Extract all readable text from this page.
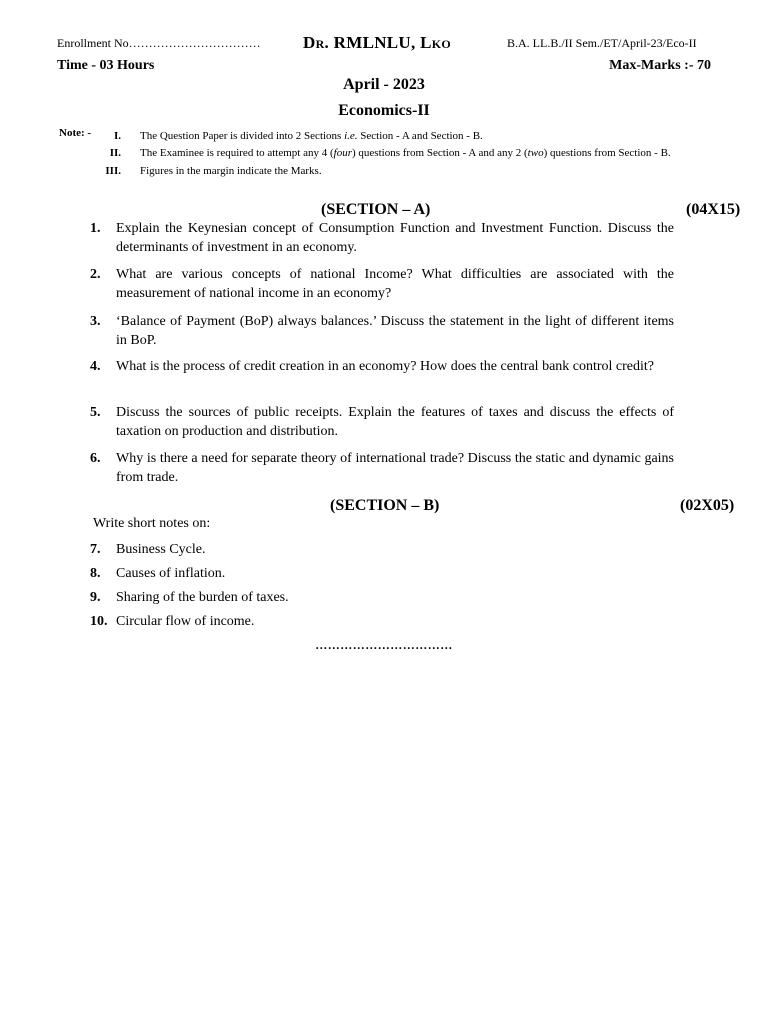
Enrollment No…………………………… Dr. RMLNLU, Lko	B.A. LL.B./II Sem./ET/April-23/Eco-II
Time - 03 Hours	Max-Marks :- 70
April - 2023
Economics-II
Note: -	I. The Question Paper is divided into 2 Sections i.e. Section - A and Section - B.
II. The Examinee is required to attempt any 4 (four) questions from Section - A and any 2 (two) questions from Section - B.
III. Figures in the margin indicate the Marks.
(SECTION – A)	(04X15)
1.	Explain the Keynesian concept of Consumption Function and Investment Function. Discuss the determinants of investment in an economy.
2.	What are various concepts of national Income? What difficulties are associated with the measurement of national income in an economy?
3.	‘Balance of Payment (BoP) always balances.’ Discuss the statement in the light of different items in BoP.
4.	What is the process of credit creation in an economy? How does the central bank control credit?
5.	Discuss the sources of public receipts. Explain the features of taxes and discuss the effects of taxation on production and distribution.
6.	Why is there a need for separate theory of international trade? Discuss the static and dynamic gains from trade.
(SECTION – B)	(02X05)
Write short notes on:
7.	Business Cycle.
8.	Causes of inflation.
9.	Sharing of the burden of taxes.
10. Circular flow of income.
……………………………
